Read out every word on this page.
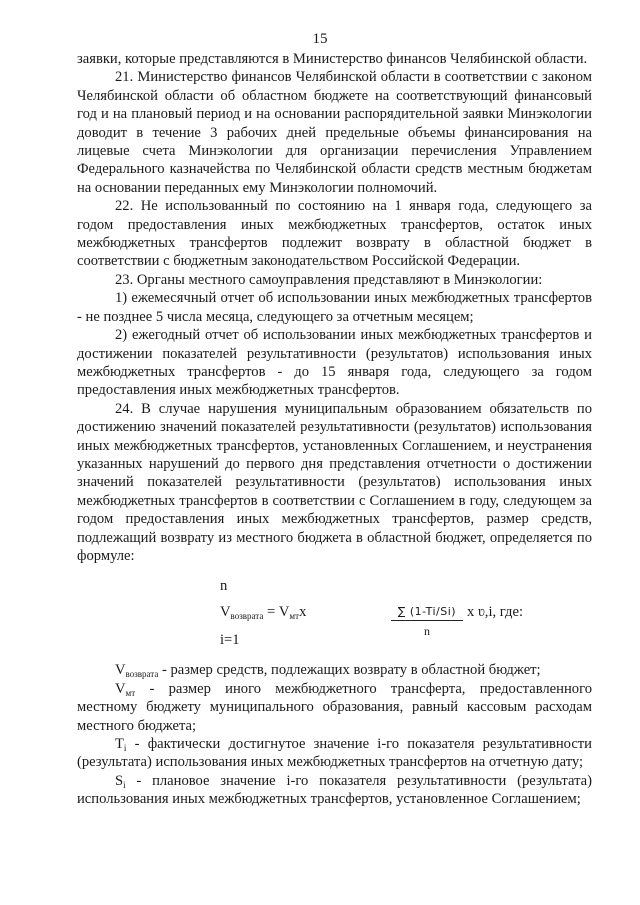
15

заявки, которые представляются в Министерство финансов Челябинской области.

21. Министерство финансов Челябинской области в соответствии с законом Челябинской области об областном бюджете на соответствующий финансовый год и на плановый период и на основании распорядительной заявки Минэкологии доводит в течение 3 рабочих дней предельные объемы финансирования на лицевые счета Минэкологии для организации перечисления Управлением Федерального казначейства по Челябинской области средств местным бюджетам на основании переданных ему Минэкологии полномочий.

22. Не использованный по состоянию на 1 января года, следующего за годом предоставления иных межбюджетных трансфертов, остаток иных межбюджетных трансфертов подлежит возврату в областной бюджет в соответствии с бюджетным законодательством Российской Федерации.

23. Органы местного самоуправления представляют в Минэкологии:

1) ежемесячный отчет об использовании иных межбюджетных трансфертов - не позднее 5 числа месяца, следующего за отчетным месяцем;

2) ежегодный отчет об использовании иных межбюджетных трансфертов и достижении показателей результативности (результатов) использования иных межбюджетных трансфертов - до 15 января года, следующего за годом предоставления иных межбюджетных трансфертов.

24. В случае нарушения муниципальным образованием обязательств по достижению значений показателей результативности (результатов) использования иных межбюджетных трансфертов, установленных Соглашением, и неустранения указанных нарушений до первого дня представления отчетности о достижении значений показателей результативности (результатов) использования иных межбюджетных трансфертов в соответствии с Соглашением в году, следующем за годом предоставления иных межбюджетных трансфертов, размер средств, подлежащий возврату из местного бюджета в областной бюджет, определяется по формуле:

n
$V_{возврата} = V_{мт}x$	∑ (1-Ti/Si)
n
x ʋ,i, где:
i=1

$V_{возврата}$ - размер средств, подлежащих возврату в областной бюджет;

$V_{мт}$ - размер иного межбюджетного трансферта, предоставленного местному бюджету муниципального образования, равный кассовым расходам местного бюджета;

$T_i$ - фактически достигнутое значение i-го показателя результативности (результата) использования иных межбюджетных трансфертов на отчетную дату;

$S_i$ - плановое значение i-го показателя результативности (результата) использования иных межбюджетных трансфертов, установленное Соглашением;
